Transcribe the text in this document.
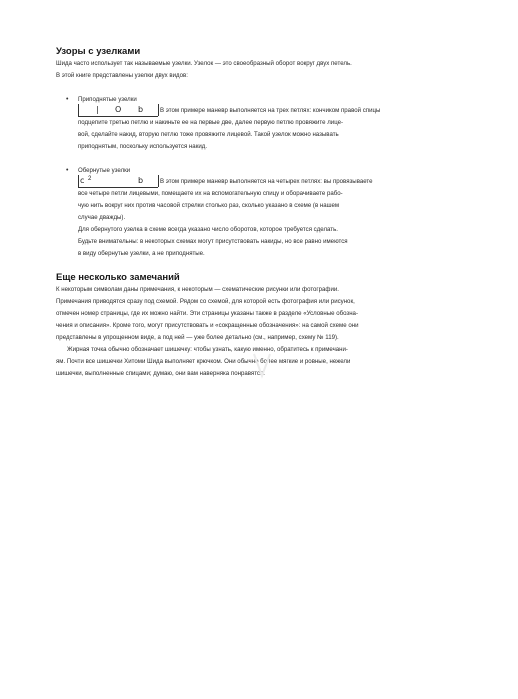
Узоры с узелками
Шида часто использует так называемые узелки. Узелок — это своеобразный оборот вокруг двух петель.
В этой книге представлены узелки двух видов:
• Приподнятые узелки
| O b	В этом примере маневр выполняется на трех петлях: кончиком правой спицы
подцепите третью петлю и накиньте ее на первые две, далее первую петлю провяжите лице-
вой, сделайте накид, вторую петлю тоже провяжите лицевой. Такой узелок можно называть
приподнятым, поскольку используется накид.
• Обернутые узелки
c 2	b	В этом примере маневр выполняется на четырех петлях: вы провязываете
все четыре петли лицевыми, помещаете их на вспомогательную спицу и оборачиваете рабо-
чую нить вокруг них против часовой стрелки столько раз, сколько указано в схеме (в нашем
случае дважды).
Для обернутого узелка в схеме всегда указано число оборотов, которое требуется сделать.
Будьте внимательны: в некоторых схемах могут присутствовать накиды, но все равно имеются
в виду обернутые узелки, а не приподнятые.
Еще несколько замечаний
К некоторым символам даны примечания, к некоторым — схематические рисунки или фотографии.
Примечания приводятся сразу под схемой. Рядом со схемой, для которой есть фотография или рисунок,
отмечен номер страницы, где их можно найти. Эти страницы указаны также в разделе «Условные обозна-
чения и описания». Кроме того, могут присутствовать и «сокращенные обозначения»: на самой схеме они
представлены в упрощенном виде, а под ней — уже более детально (см., например, схему № 119).
Жирная точка обычно обозначает шишечку: чтобы узнать, какую именно, обратитесь к примечани-
ям. Почти все шишечки Хитоми Шида выполняет крючком. Они обычно более мягкие и ровные, нежели
шишечки, выполненные спицами; думаю, они вам наверняка понравятся.
